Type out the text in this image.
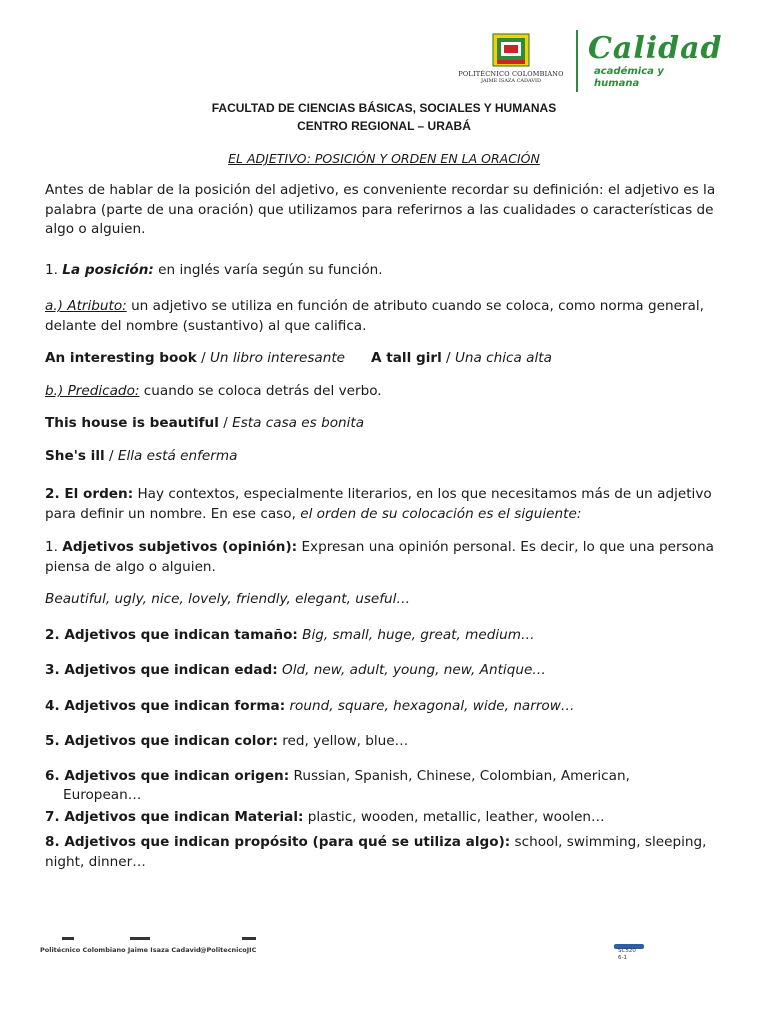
POLITÉCNICO COLOMBIANO
JAIME ISAZA CADAVID
Calidad
académica y humana
FACULTAD DE CIENCIAS BÁSICAS, SOCIALES Y HUMANAS
CENTRO REGIONAL – URABÁ
EL ADJETIVO: POSICIÓN Y ORDEN EN LA ORACIÓN
Antes de hablar de la posición del adjetivo, es conveniente recordar su definición: el adjetivo es la palabra (parte de una oración) que utilizamos para referirnos a las cualidades o características de algo o alguien.
1. La posición: en inglés varía según su función.
a.) Atributo: un adjetivo se utiliza en función de atributo cuando se coloca, como norma general, delante del nombre (sustantivo) al que califica.
An interesting book / Un libro interesante	A tall girl / Una chica alta
b.) Predicado: cuando se coloca detrás del verbo.
This house is beautiful / Esta casa es bonita
She's ill / Ella está enferma
2. El orden: Hay contextos, especialmente literarios, en los que necesitamos más de un adjetivo para definir un nombre. En ese caso, el orden de su colocación es el siguiente:
1. Adjetivos subjetivos (opinión): Expresan una opinión personal. Es decir, lo que una persona piensa de algo o alguien.
Beautiful, ugly, nice, lovely, friendly, elegant, useful…
2. Adjetivos que indican tamaño: Big, small, huge, great, medium…
3. Adjetivos que indican edad: Old, new, adult, young, new, Antique…
4. Adjetivos que indican forma: round, square, hexagonal, wide, narrow…
5. Adjetivos que indican color: red, yellow, blue…
6. Adjetivos que indican origen: Russian, Spanish, Chinese, Colombian, American,
European…
7. Adjetivos que indican Material: plastic, wooden, metallic, leather, woolen…
8. Adjetivos que indican propósito (para qué se utiliza algo): school, swimming, sleeping, night, dinner…
Politécnico Colombiano Jaime Isaza Cadavid @PolitecnicoJIC	SC520
6-1
